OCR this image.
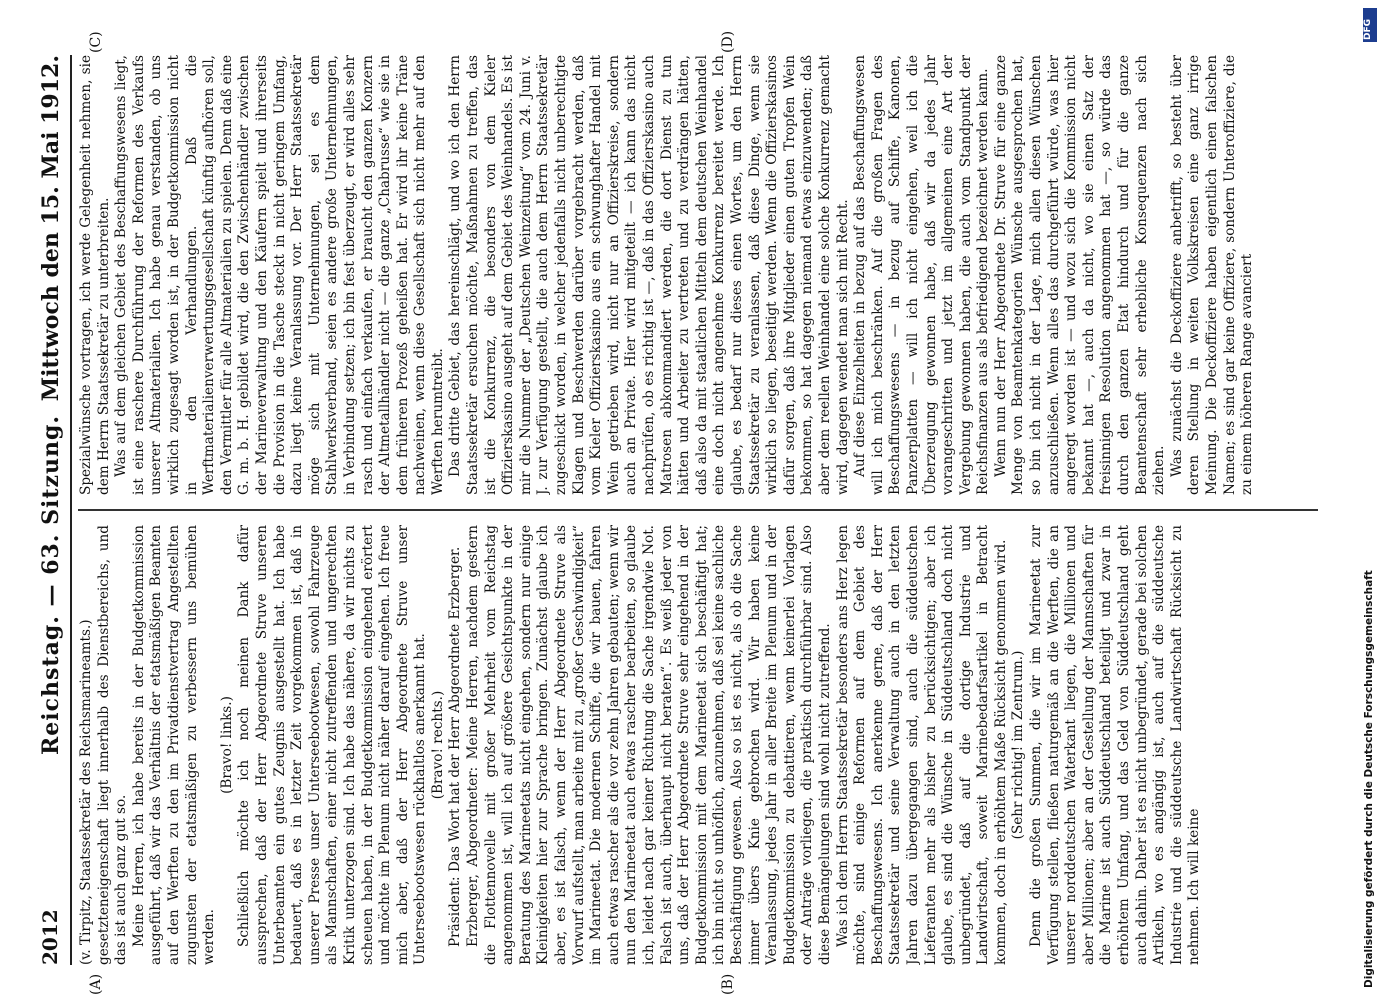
2012
Reichstag. — 63. Sitzung.
Mittwoch den 15. Mai 1912.
(A)	(B)
(C)	(D)

(v. Tirpitz, Staatssekretär des Reichsmarineamts.) gesetzteneigenschaft liegt innerhalb des Dienstbereichs, und das ist auch ganz gut so. Meine Herren, ich habe bereits in der Budgetkommission ausgeführt, daß wir das Verhältnis der etatsmäßigen Beamten auf den Werften zu den im Privatdienstvertrag Angestellten zugunsten der etatsmäßigen zu verbessern uns bemühen werden.

(Bravo! links.) Schließlich möchte ich noch meinen Dank dafür aussprechen, daß der Herr Abgeordnete Struve unseren Unterbeamten ein gutes Zeugnis ausgestellt hat. Ich habe bedauert, daß es in letzter Zeit vorgekommen ist, daß in unserer Presse unser Unterseebootwesen, sowohl Fahrzeuge als Mannschaften, einer nicht zutreffenden und ungerechten Kritik unterzogen sind. Ich habe das nähere, da wir nichts zu scheuen haben, in der Budgetkommission eingehend erörtert und möchte im Plenum nicht näher darauf eingehen. Ich freue mich aber, daß der Herr Abgeordnete Struve unser Unterseebootswesen rückhaltlos anerkannt hat. (Bravo! rechts.) Präsident: Das Wort hat der Herr Abgeordnete Erzberger. Erzberger, Abgeordneter: Meine Herren, nachdem gestern die Flottennovelle mit großer Mehrheit vom Reichstag angenommen ist, will ich auf größere Gesichtspunkte in der Beratung des Marineetats nicht eingehen, sondern nur einige Kleinigkeiten hier zur Sprache bringen. Zunächst glaube ich aber, es ist falsch, wenn der Herr Abgeordnete Struve als Vorwurf aufstellt, man arbeite mit zu „großer Geschwindigkeit“ im Marineetat. Die modernen Schiffe, die wir bauen, fahren auch etwas rascher als die vor zehn Jahren gebauten; wenn wir nun den Marineetat auch etwas rascher bearbeiten, so glaube ich, leidet nach gar keiner Richtung die Sache irgendwie Not. Falsch ist auch, überhaupt nicht beraten“. Es weiß jeder von uns, daß der Herr Abgeordnete Struve sehr eingehend in der Budgetkommission mit dem Marineetat sich beschäftigt hat; ich bin nicht so unhöflich, anzunehmen, daß sei keine sachliche Beschäftigung gewesen. Also so ist es nicht, als ob die Sache immer übers Knie gebrochen wird. Wir haben keine Veranlassung, jedes Jahr in aller Breite im Plenum und in der Budgetkommission zu debattieren, wenn keinerlei Vorlagen oder Anträge vorliegen, die praktisch durchführbar sind. Also diese Bemängelungen sind wohl nicht zutreffend. Was ich dem Herrn Staatssekretär besonders ans Herz legen möchte, sind einige Reformen auf dem Gebiet des Beschaffungswesens. Ich anerkenne gerne, daß der Herr Staatssekretär und seine Verwaltung auch in den letzten Jahren dazu übergegangen sind, auch die süddeutschen Lieferanten mehr als bisher zu berücksichtigen; aber ich glaube, es sind die Wünsche in Süddeutschland doch nicht unbegründet, daß auf die dortige Industrie und Landwirtschaft, soweit Marinebedarfsartikel in Betracht kommen, doch in erhöhtem Maße Rücksicht genommen wird. (Sehr richtig! im Zentrum.) Denn die großen Summen, die wir im Marineetat zur Verfügung stellen, fließen naturgemäß an die Werften, die an unserer norddeutschen Waterkant liegen, die Millionen und aber Millionen; aber an der Gestellung der Mannschaften für die Marine ist auch Süddeutschland beteiligt und zwar in erhöhtem Umfang, und das Geld von Süddeutschland geht auch dahin. Daher ist es nicht unbegründet, gerade bei solchen Artikeln, wo es angängig ist, auch auf die süddeutsche Industrie und die süddeutsche Landwirtschaft Rücksicht zu nehmen. Ich will keine

Spezialwünsche vortragen, ich werde Gelegenheit nehmen, sie dem Herrn Staatssekretär zu unterbreiten. Was auf dem gleichen Gebiet des Beschaffungswesens liegt, ist eine raschere Durchführung der Reformen des Verkaufs unserer Altmaterialien. Ich habe genau verstanden, ob uns wirklich zugesagt worden ist, in der Budgetkommission nicht in den Verhandlungen. Daß die Werftmaterialienverwertungsgesellschaft künftig aufhören soll, den Vermittler für alle Altmaterialien zu spielen. Denn daß eine G. m. b. H. gebildet wird, die den Zwischenhändler zwischen der Marineverwaltung und den Käufern spielt und ihrerseits die Provision in die Tasche steckt in nicht geringem Umfang, dazu liegt keine Veranlassung vor. Der Herr Staatssekretär möge sich mit Unternehmungen, sei es dem Stahlwerksverband, seien es andere große Unternehmungen, in Verbindung setzen; ich bin fest überzeugt, er wird alles sehr rasch und einfach verkaufen, er braucht den ganzen Konzern der Altmetallhändler nicht — die ganze „Chabrusse“ wie sie in dem früheren Prozeß geheißen hat. Er wird ihr keine Träne nachweinen, wenn diese Gesellschaft sich nicht mehr auf den Werften herumtreibt. Das dritte Gebiet, das hereinschlägt, und wo ich den Herrn Staatssekretär ersuchen möchte, Maßnahmen zu treffen, das ist die Konkurrenz, die besonders von dem Kieler Offizierskasino ausgeht auf dem Gebiet des Weinhandels. Es ist mir die Nummer der „Deutschen Weinzeitung“ vom 24. Juni v. J. zur Verfügung gestellt, die auch dem Herrn Staatssekretär zugeschickt worden, in welcher jedenfalls nicht unberechtigte Klagen und Beschwerden darüber vorgebracht werden, daß vom Kieler Offizierskasino aus ein schwunghafter Handel mit Wein getrieben wird, nicht nur an Offizierskreise, sondern auch an Private. Hier wird mitgeteilt — ich kann das nicht nachprüfen, ob es richtig ist —, daß in das Offizierskasino auch Matrosen abkommandiert werden, die dort Dienst zu tun hätten und Arbeiter zu vertreten und zu verdrängen hätten, daß also da mit staatlichen Mitteln dem deutschen Weinhandel eine doch nicht angenehme Konkurrenz bereitet werde. Ich glaube, es bedarf nur dieses einen Wortes, um den Herrn Staatssekretär zu veranlassen, daß diese Dinge, wenn sie wirklich so liegen, beseitigt werden. Wenn die Offizierskasinos dafür sorgen, daß ihre Mitglieder einen guten Tropfen Wein bekommen, so hat dagegen niemand etwas einzuwenden; daß aber dem reellen Weinhandel eine solche Konkurrenz gemacht wird, dagegen wendet man sich mit Recht. Auf diese Einzelheiten in bezug auf das Beschaffungswesen will ich mich beschränken. Auf die großen Fragen des Beschaffungswesens — in bezug auf Schiffe, Kanonen, Panzerplatten — will ich nicht eingehen, weil ich die Überzeugung gewonnen habe, daß wir da jedes Jahr vorangeschritten und jetzt im allgemeinen eine Art der Vergebung gewonnen haben, die auch vom Standpunkt der Reichsfinanzen aus als befriedigend bezeichnet werden kann. Wenn nun der Herr Abgeordnete Dr. Struve für eine ganze Menge von Beamtenkategorien Wünsche ausgesprochen hat, so bin ich nicht in der Lage, mich allen diesen Wünschen anzuschließen. Wenn alles das durchgeführt würde, was hier angeregt worden ist — und wozu sich die Kommission nicht bekannt hat —, auch da nicht, wo sie einen Satz der freisinnigen Resolution angenommen hat —, so würde das durch den ganzen Etat hindurch und für die ganze Beamtenschaft sehr erhebliche Konsequenzen nach sich ziehen. Was zunächst die Deckoffiziere anbetrifft, so besteht über deren Stellung in weiten Volkskreisen eine ganz irrige Meinung. Die Deckoffiziere haben eigentlich einen falschen Namen; es sind gar keine Offiziere, sondern Unteroffiziere, die zu einem höheren Range avanciert

DFG
Digitalisierung gefördert durch die Deutsche Forschungsgemeinschaft
